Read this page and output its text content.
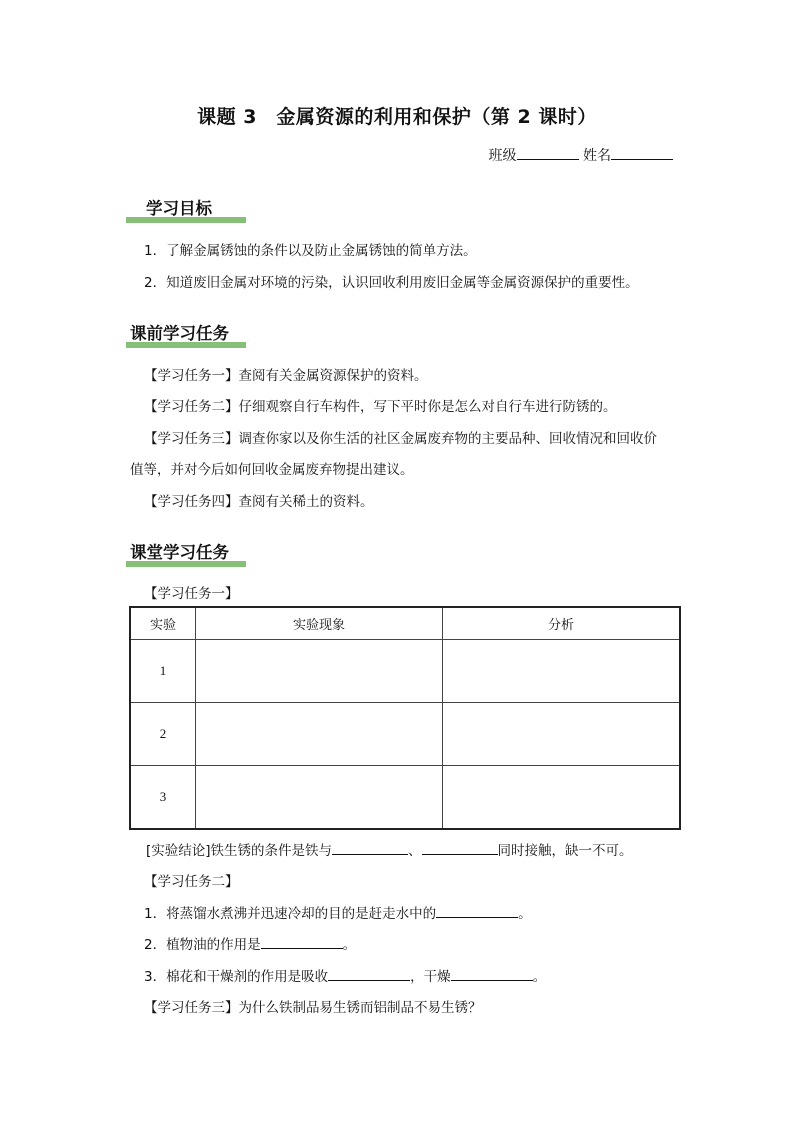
课题 3　金属资源的利用和保护（第 2 课时）
班级	姓名
学习目标
1．了解金属锈蚀的条件以及防止金属锈蚀的简单方法。
2．知道废旧金属对环境的污染，认识回收利用废旧金属等金属资源保护的重要性。
课前学习任务
【学习任务一】查阅有关金属资源保护的资料。
【学习任务二】仔细观察自行车构件，写下平时你是怎么对自行车进行防锈的。
【学习任务三】调查你家以及你生活的社区金属废弃物的主要品种、回收情况和回收价
值等，并对今后如何回收金属废弃物提出建议。
【学习任务四】查阅有关稀土的资料。
课堂学习任务
【学习任务一】
实验	实验现象	分析
1		
2		
3		
[实验结论]铁生锈的条件是铁与	、	同时接触，缺一不可。
【学习任务二】
1．将蒸馏水煮沸并迅速冷却的目的是赶走水中的	。
2．植物油的作用是	。
3．棉花和干燥剂的作用是吸收	，干燥	。
【学习任务三】为什么铁制品易生锈而铝制品不易生锈？
